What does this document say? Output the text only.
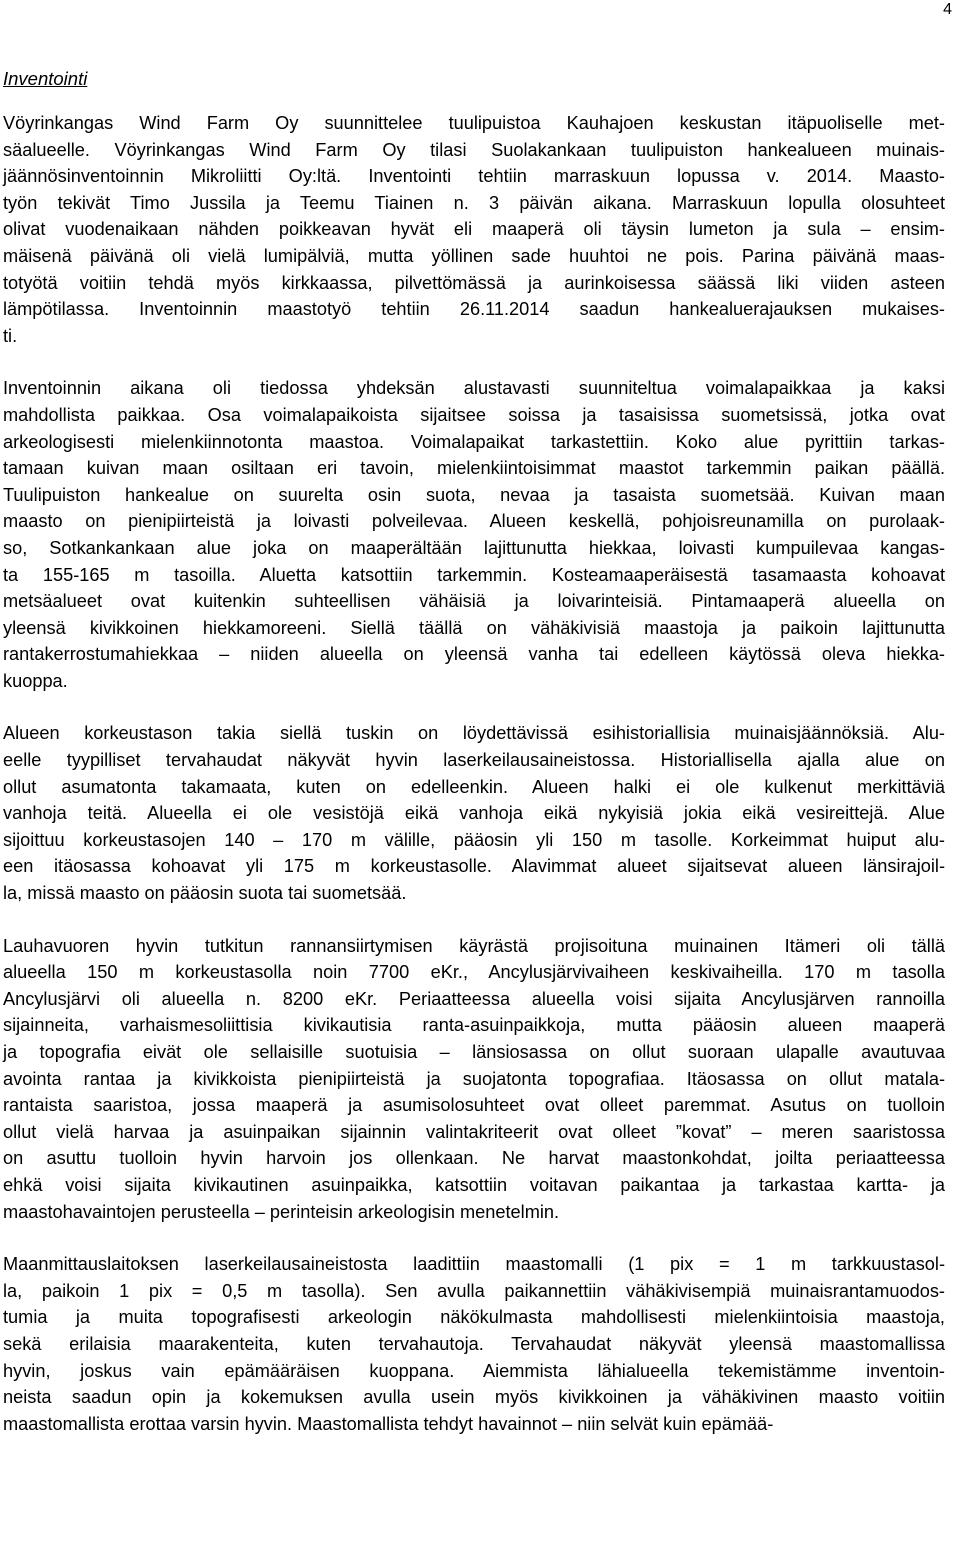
4
Inventointi

Vöyrinkangas Wind Farm Oy suunnittelee tuulipuistoa Kauhajoen keskustan itäpuoliselle met-
säalueelle. Vöyrinkangas Wind Farm Oy tilasi Suolakankaan tuulipuiston hankealueen muinais-
jäännösinventoinnin Mikroliitti Oy:ltä. Inventointi tehtiin marraskuun lopussa v. 2014. Maasto-
työn tekivät Timo Jussila ja Teemu Tiainen n. 3 päivän aikana. Marraskuun lopulla olosuhteet
olivat vuodenaikaan nähden poikkeavan hyvät eli maaperä oli täysin lumeton ja sula – ensim-
mäisenä päivänä oli vielä lumipälviä, mutta yöllinen sade huuhtoi ne pois. Parina päivänä maas-
totyötä voitiin tehdä myös kirkkaassa, pilvettömässä ja aurinkoisessa säässä liki viiden asteen
lämpötilassa. Inventoinnin maastotyö tehtiin 26.11.2014 saadun hankealuerajauksen mukaises-
ti.

Inventoinnin aikana oli tiedossa yhdeksän alustavasti suunniteltua voimalapaikkaa ja kaksi
mahdollista paikkaa. Osa voimalapaikoista sijaitsee soissa ja tasaisissa suometsissä, jotka ovat
arkeologisesti mielenkiinnotonta maastoa. Voimalapaikat tarkastettiin. Koko alue pyrittiin tarkas-
tamaan kuivan maan osiltaan eri tavoin, mielenkiintoisimmat maastot tarkemmin paikan päällä.
Tuulipuiston hankealue on suurelta osin suota, nevaa ja tasaista suometsää. Kuivan maan
maasto on pienipiirteistä ja loivasti polveilevaa. Alueen keskellä, pohjoisreunamilla on purolaak-
so, Sotkankankaan alue joka on maaperältään lajittunutta hiekkaa, loivasti kumpuilevaa kangas-
ta 155-165 m tasoilla. Aluetta katsottiin tarkemmin. Kosteamaaperäisestä tasamaasta kohoavat
metsäalueet ovat kuitenkin suhteellisen vähäisiä ja loivarinteisiä. Pintamaaperä alueella on
yleensä kivikkoinen hiekkamoreeni. Siellä täällä on vähäkivisiä maastoja ja paikoin lajittunutta
rantakerrostumahiekkaa – niiden alueella on yleensä vanha tai edelleen käytössä oleva hiekka-
kuoppa.

Alueen korkeustason takia siellä tuskin on löydettävissä esihistoriallisia muinaisjäännöksiä. Alu-
eelle tyypilliset tervahaudat näkyvät hyvin laserkeilausaineistossa. Historiallisella ajalla alue on
ollut asumatonta takamaata, kuten on edelleenkin. Alueen halki ei ole kulkenut merkittäviä
vanhoja teitä. Alueella ei ole vesistöjä eikä vanhoja eikä nykyisiä jokia eikä vesireittejä. Alue
sijoittuu korkeustasojen 140 – 170 m välille, pääosin yli 150 m tasolle. Korkeimmat huiput alu-
een itäosassa kohoavat yli 175 m korkeustasolle. Alavimmat alueet sijaitsevat alueen länsirajoil-
la, missä maasto on pääosin suota tai suometsää.

Lauhavuoren hyvin tutkitun rannansiirtymisen käyrästä projisoituna muinainen Itämeri oli tällä
alueella 150 m korkeustasolla noin 7700 eKr., Ancylusjärvivaiheen keskivaiheilla. 170 m tasolla
Ancylusjärvi oli alueella n. 8200 eKr. Periaatteessa alueella voisi sijaita Ancylusjärven rannoilla
sijainneita, varhaismesoliittisia kivikautisia ranta-asuinpaikkoja, mutta pääosin alueen maaperä
ja topografia eivät ole sellaisille suotuisia – länsiosassa on ollut suoraan ulapalle avautuvaa
avointa rantaa ja kivikkoista pienipiirteistä ja suojatonta topografiaa. Itäosassa on ollut matala-
rantaista saaristoa, jossa maaperä ja asumisolosuhteet ovat olleet paremmat. Asutus on tuolloin
ollut vielä harvaa ja asuinpaikan sijainnin valintakriteerit ovat olleet ”kovat” – meren saaristossa
on asuttu tuolloin hyvin harvoin jos ollenkaan. Ne harvat maastonkohdat, joilta periaatteessa
ehkä voisi sijaita kivikautinen asuinpaikka, katsottiin voitavan paikantaa ja tarkastaa kartta- ja
maastohavaintojen perusteella – perinteisin arkeologisin menetelmin.

Maanmittauslaitoksen laserkeilausaineistosta laadittiin maastomalli (1 pix = 1 m tarkkuustasol-
la, paikoin 1 pix = 0,5 m tasolla). Sen avulla paikannettiin vähäkivisempiä muinaisrantamuodos-
tumia ja muita topografisesti arkeologin näkökulmasta mahdollisesti mielenkiintoisia maastoja,
sekä erilaisia maarakenteita, kuten tervahautoja. Tervahaudat näkyvät yleensä maastomallissa
hyvin, joskus vain epämääräisen kuoppana. Aiemmista lähialueella tekemistämme inventoin-
neista saadun opin ja kokemuksen avulla usein myös kivikkoinen ja vähäkivinen maasto voitiin
maastomallista erottaa varsin hyvin. Maastomallista tehdyt havainnot – niin selvät kuin epämää-
